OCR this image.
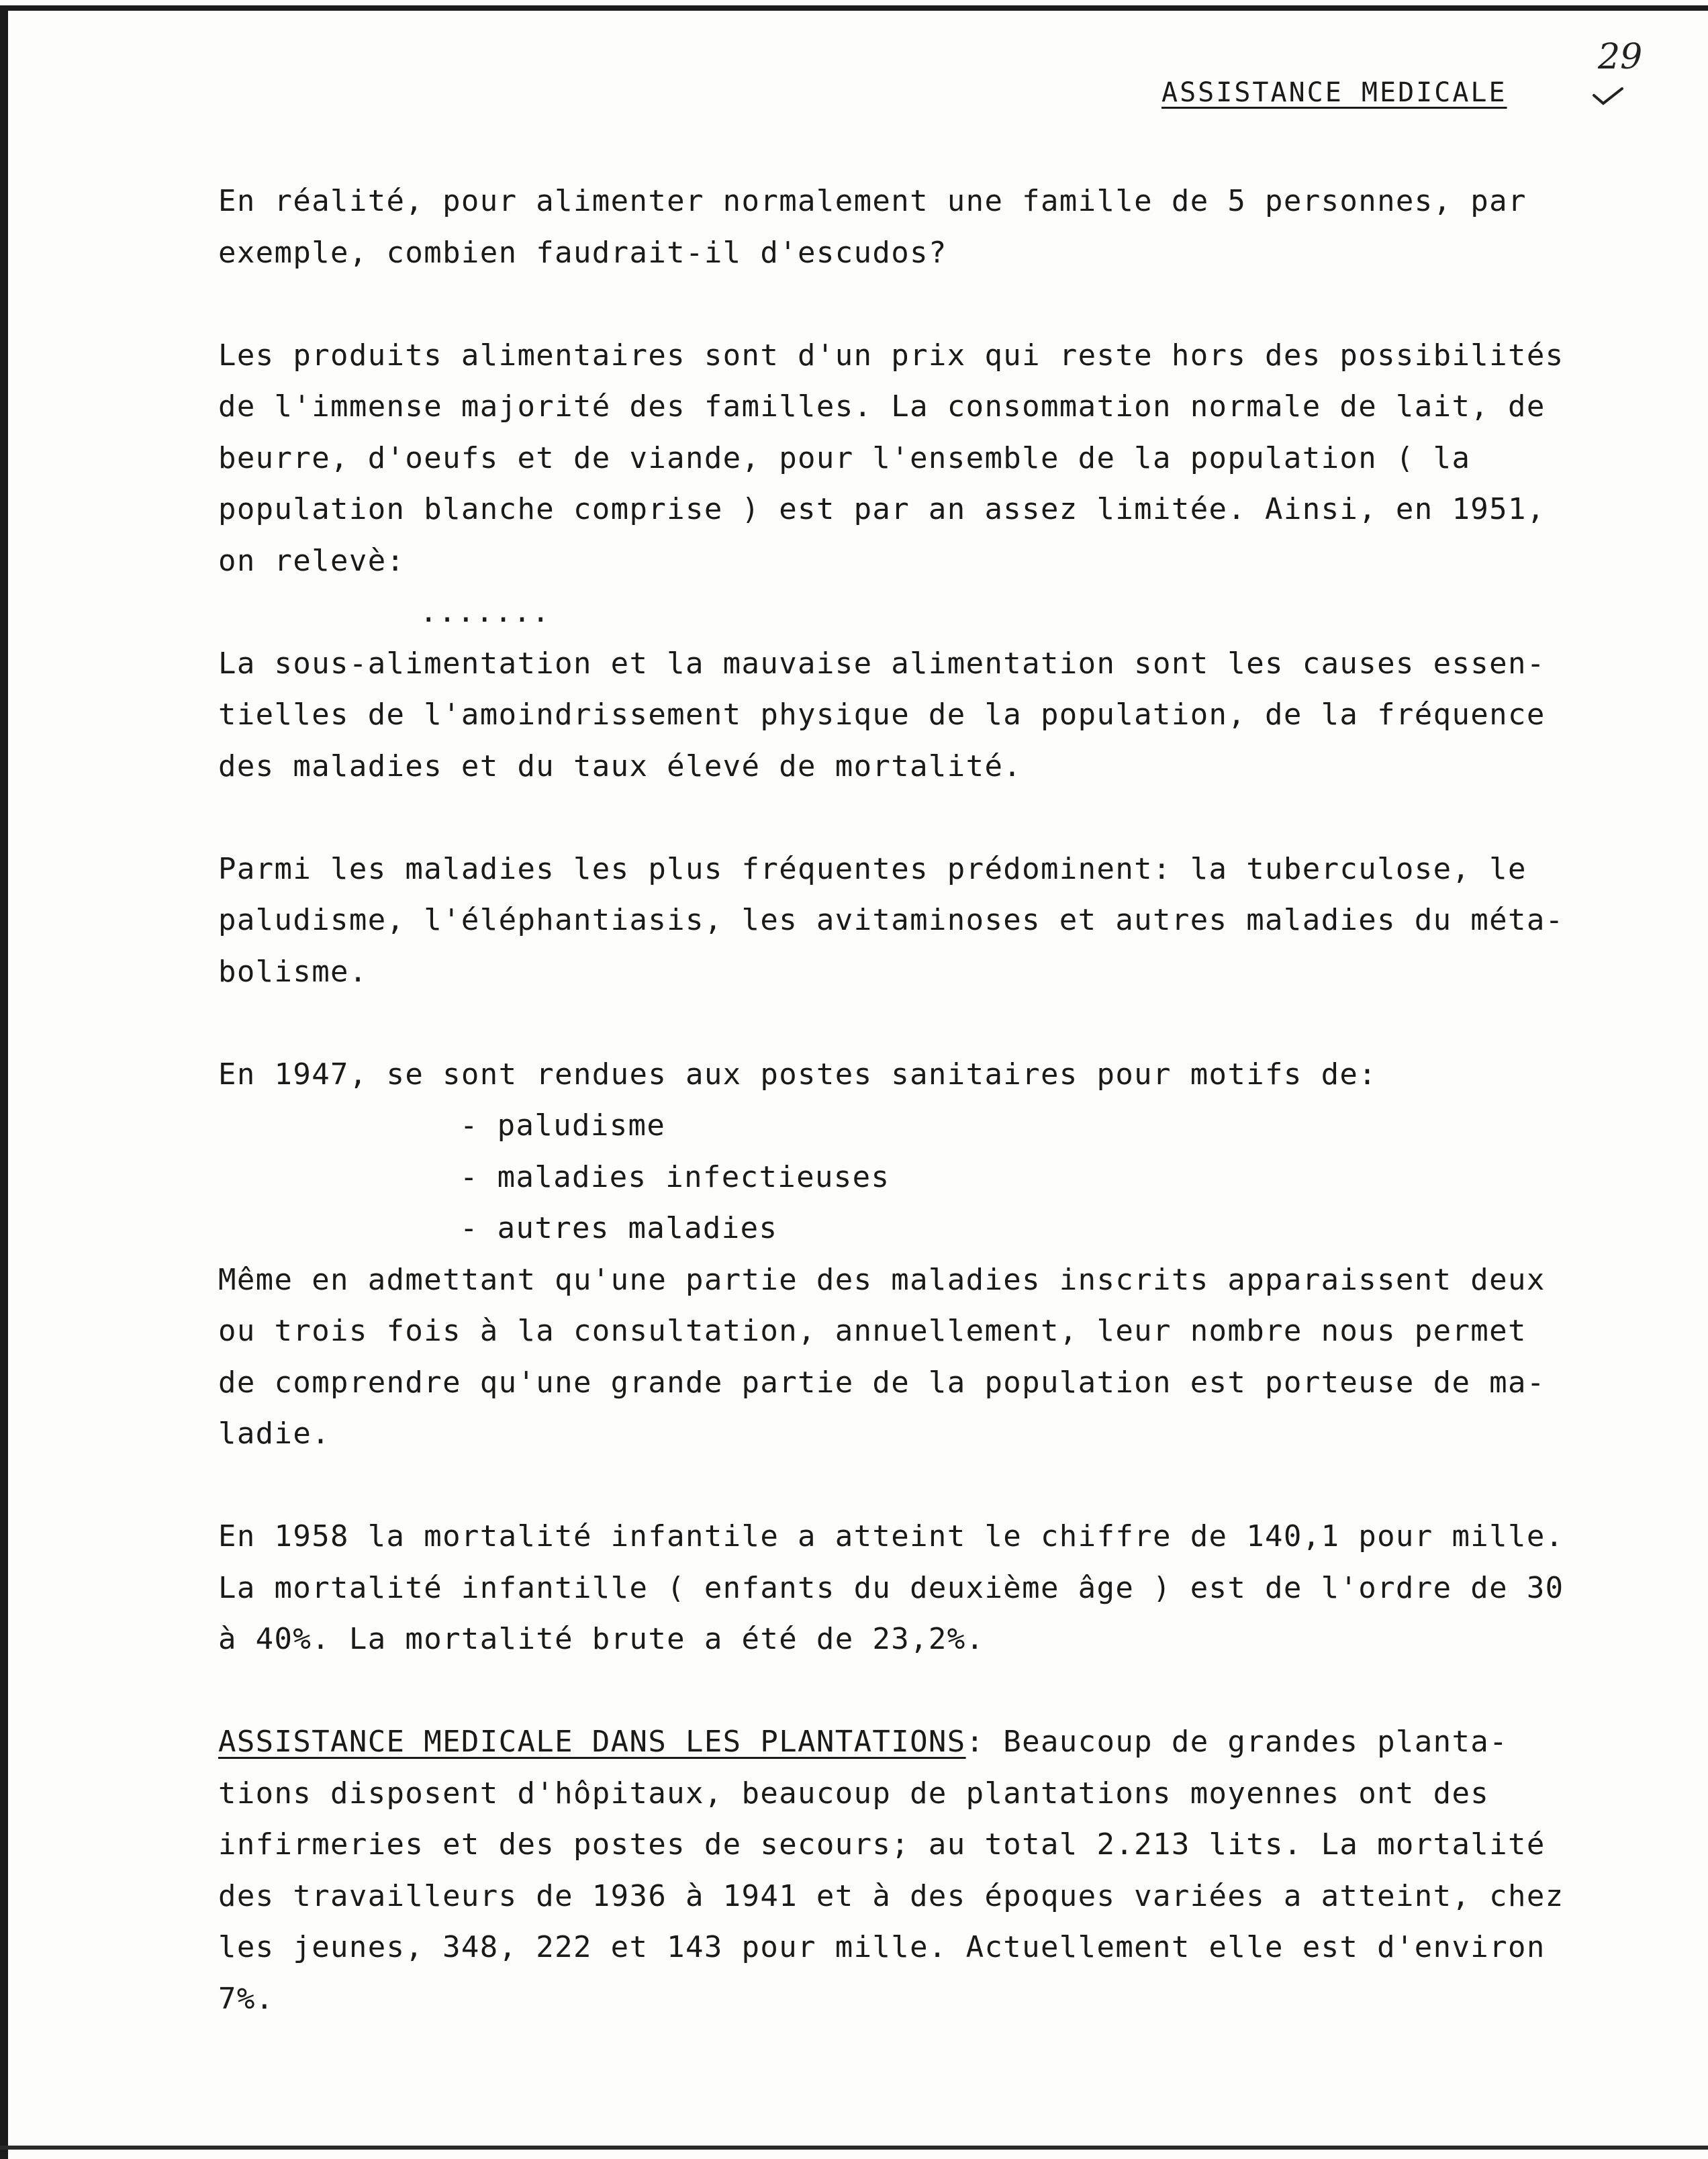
ASSISTANCE MEDICALE
29
En réalité, pour alimenter normalement une famille de 5 personnes, par
exemple, combien faudrait-il d'escudos?
Les produits alimentaires sont d'un prix qui reste hors des possibilités
de l'immense majorité des familles. La consommation normale de lait, de
beurre, d'oeufs et de viande, pour l'ensemble de la population ( la
population blanche comprise ) est par an assez limitée. Ainsi, en 1951,
on relevè:
.......
La sous-alimentation et la mauvaise alimentation sont les causes essen-
tielles de l'amoindrissement physique de la population, de la fréquence
des maladies et du taux élevé de mortalité.
Parmi les maladies les plus fréquentes prédominent: la tuberculose, le
paludisme, l'éléphantiasis, les avitaminoses et autres maladies du méta-
bolisme.
En 1947, se sont rendues aux postes sanitaires pour motifs de:
- paludisme
- maladies infectieuses
- autres maladies
Même en admettant qu'une partie des maladies inscrits apparaissent deux
ou trois fois à la consultation, annuellement, leur nombre nous permet
de comprendre qu'une grande partie de la population est porteuse de ma-
ladie.
En 1958 la mortalité infantile a atteint le chiffre de 140,1 pour mille.
La mortalité infantille ( enfants du deuxième âge ) est de l'ordre de 30
à 40%. La mortalité brute a été de 23,2%.
ASSISTANCE MEDICALE DANS LES PLANTATIONS: Beaucoup de grandes planta-
tions disposent d'hôpitaux, beaucoup de plantations moyennes ont des
infirmeries et des postes de secours; au total 2.213 lits. La mortalité
des travailleurs de 1936 à 1941 et à des époques variées a atteint, chez
les jeunes, 348, 222 et 143 pour mille. Actuellement elle est d'environ
7%.
